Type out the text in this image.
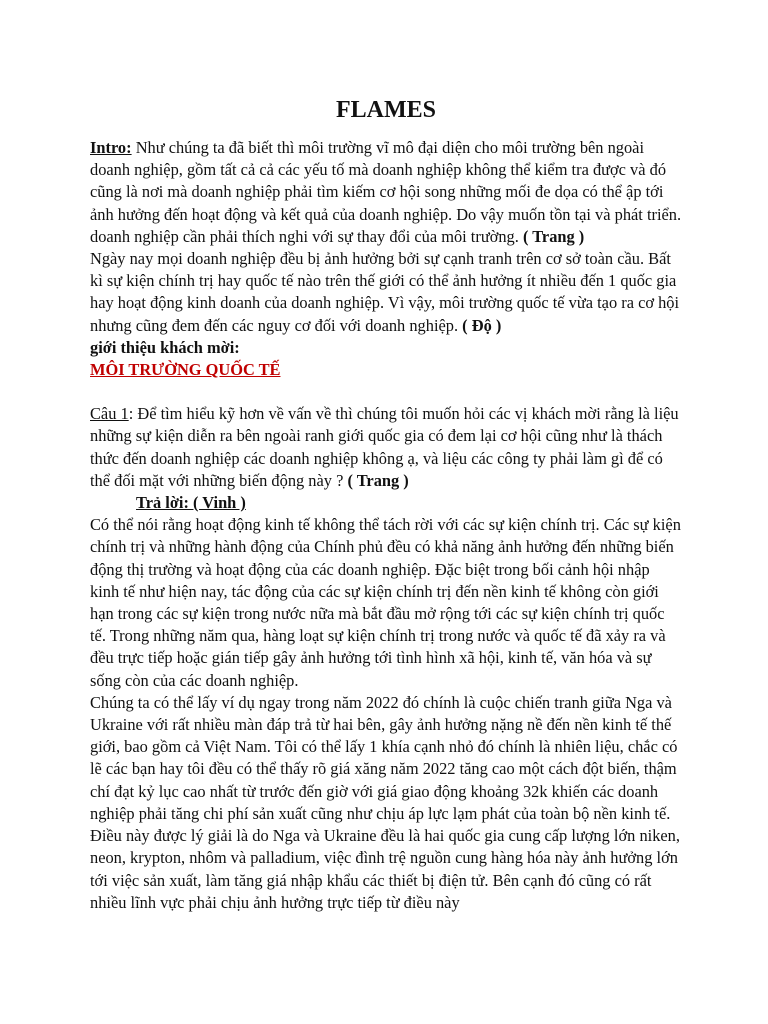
FLAMES

Intro: Như chúng ta đã biết thì môi trường vĩ mô đại diện cho môi trường bên ngoài doanh nghiệp, gồm tất cả cả các yếu tố mà doanh nghiệp không thể kiểm tra được và đó cũng là nơi mà doanh nghiệp phải tìm kiếm cơ hội song những mối đe dọa có thể ập tới ảnh hưởng đến hoạt động và kết quả của doanh nghiệp. Do vậy muốn tồn tại và phát triển. doanh nghiệp cần phải thích nghi với sự thay đổi của môi trường. ( Trang )

Ngày nay mọi doanh nghiệp đều bị ảnh hưởng bởi sự cạnh tranh trên cơ sở toàn cầu. Bất kì sự kiện chính trị hay quốc tế nào trên thế giới có thể ảnh hưởng ít nhiều đến 1 quốc gia hay hoạt động kinh doanh của doanh nghiệp. Vì vậy, môi trường quốc tế vừa tạo ra cơ hội nhưng cũng đem đến các nguy cơ đối với doanh nghiệp. ( Độ )

giới thiệu khách mời:

MÔI TRƯỜNG QUỐC TẾ

Câu 1: Để tìm hiểu kỹ hơn về vấn về thì chúng tôi muốn hỏi các vị khách mời rằng là liệu những sự kiện diễn ra bên ngoài ranh giới quốc gia có đem lại cơ hội cũng như là thách thức đến doanh nghiệp các doanh nghiệp không ạ, và liệu các công ty phải làm gì để có thể đối mặt với những biến động này ? ( Trang )

Trả lời: ( Vinh )

Có thể nói rằng hoạt động kinh tế không thể tách rời với các sự kiện chính trị. Các sự kiện chính trị và những hành động của Chính phủ đều có khả năng ảnh hưởng đến những biến động thị trường và hoạt động của các doanh nghiệp. Đặc biệt trong bối cảnh hội nhập kinh tế như hiện nay, tác động của các sự kiện chính trị đến nền kinh tế không còn giới hạn trong các sự kiện trong nước nữa mà bắt đầu mở rộng tới các sự kiện chính trị quốc tế. Trong những năm qua, hàng loạt sự kiện chính trị trong nước và quốc tế đã xảy ra và đều trực tiếp hoặc gián tiếp gây ảnh hưởng tới tình hình xã hội, kinh tế, văn hóa và sự sống còn của các doanh nghiệp.

Chúng ta có thể lấy ví dụ ngay trong năm 2022 đó chính là cuộc chiến tranh giữa Nga và Ukraine với rất nhiều màn đáp trả từ hai bên, gây ảnh hưởng nặng nề đến nền kinh tế thế giới, bao gồm cả Việt Nam. Tôi có thể lấy 1 khía cạnh nhỏ đó chính là nhiên liệu, chắc có lẽ các bạn hay tôi đều có thể thấy rõ giá xăng năm 2022 tăng cao một cách đột biến, thậm chí đạt kỷ lục cao nhất từ trước đến giờ với giá giao động khoảng 32k khiến các doanh nghiệp phải tăng chi phí sản xuất cũng như chịu áp lực lạm phát của toàn bộ nền kinh tế. Điều này được lý giải là do Nga và Ukraine đều là hai quốc gia cung cấp lượng lớn niken, neon, krypton, nhôm và palladium, việc đình trệ nguồn cung hàng hóa này ảnh hưởng lớn tới việc sản xuất, làm tăng giá nhập khẩu các thiết bị điện tử. Bên cạnh đó cũng có rất nhiều lĩnh vực phải chịu ảnh hưởng trực tiếp từ điều này
